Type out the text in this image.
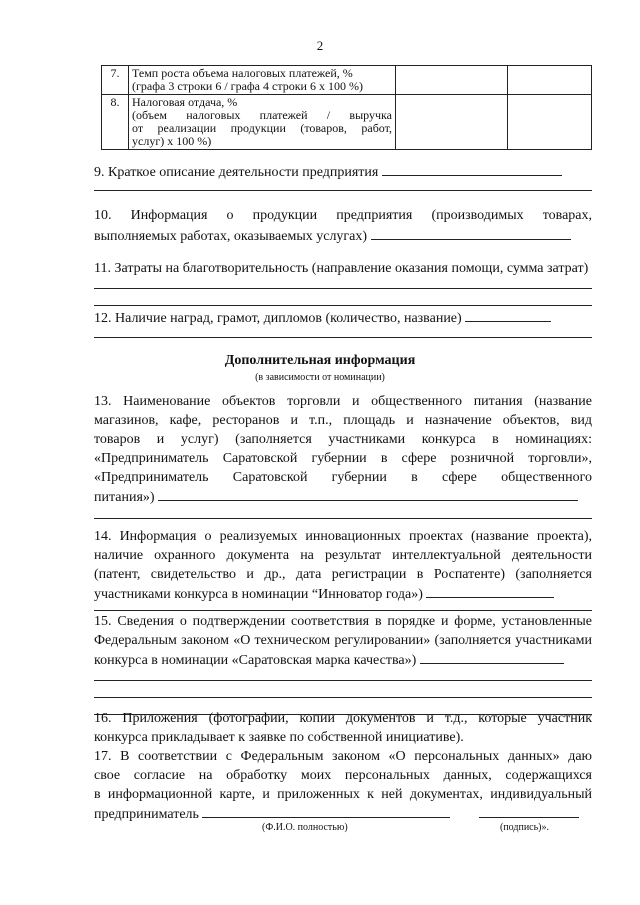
2
7.	Темп роста объема налоговых платежей, %
(графа 3 строки 6 / графа 4 строки 6 х 100 %)		

8.	Налоговая отдача, %
(объем налоговых платежей / выручка
от реализации продукции (товаров, работ,
услуг) х 100 %)		

9. Краткое описание деятельности предприятия
10. Информация о продукции предприятия (производимых товарах,
выполняемых работах, оказываемых услугах)
11. Затраты на благотворительность (направление оказания помощи, сумма затрат)
12. Наличие наград, грамот, дипломов (количество, название)
Дополнительная информация
(в зависимости от номинации)
13. Наименование объектов торговли и общественного питания (название
магазинов, кафе, ресторанов и т.п., площадь и назначение объектов, вид
товаров и услуг) (заполняется участниками конкурса в номинациях:
«Предприниматель Саратовской губернии в сфере розничной торговли»,
«Предприниматель Саратовской губернии в сфере общественного
питания»)
14. Информация о реализуемых инновационных проектах (название проекта),
наличие охранного документа на результат интеллектуальной деятельности
(патент, свидетельство и др., дата регистрации в Роспатенте) (заполняется
участниками конкурса в номинации “Инноватор года»)
15. Сведения о подтверждении соответствия в порядке и форме, установленные
Федеральным законом «О техническом регулировании» (заполняется участниками
конкурса в номинации «Саратовская марка качества»)
16. Приложения (фотографии, копии документов и т.д., которые участник
конкурса прикладывает к заявке по собственной инициативе).
17. В соответствии с Федеральным законом «О персональных данных» даю
свое согласие на обработку моих персональных данных, содержащихся
в информационной карте, и приложенных к ней документах, индивидуальный
предприниматель
(Ф.И.О. полностью)	(подпись)».
